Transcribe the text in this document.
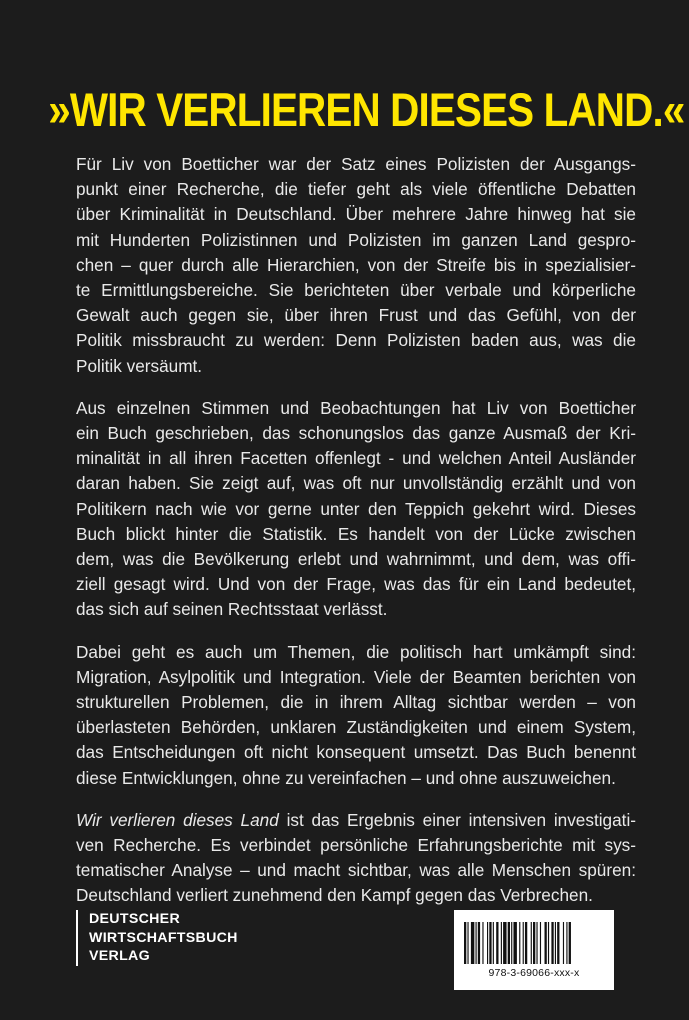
»WIR VERLIEREN DIESES LAND.«

Für Liv von Boetticher war der Satz eines Polizisten der Ausgangs-
punkt einer Recherche, die tiefer geht als viele öffentliche Debatten
über Kriminalität in Deutschland. Über mehrere Jahre hinweg hat sie
mit Hunderten Polizistinnen und Polizisten im ganzen Land gespro-
chen – quer durch alle Hierarchien, von der Streife bis in spezialisier-
te Ermittlungsbereiche. Sie berichteten über verbale und körperliche
Gewalt auch gegen sie, über ihren Frust und das Gefühl, von der
Politik missbraucht zu werden: Denn Polizisten baden aus, was die
Politik versäumt.

Aus einzelnen Stimmen und Beobachtungen hat Liv von Boetticher
ein Buch geschrieben, das schonungslos das ganze Ausmaß der Kri-
minalität in all ihren Facetten offenlegt - und welchen Anteil Ausländer
daran haben. Sie zeigt auf, was oft nur unvollständig erzählt und von
Politikern nach wie vor gerne unter den Teppich gekehrt wird. Dieses
Buch blickt hinter die Statistik. Es handelt von der Lücke zwischen
dem, was die Bevölkerung erlebt und wahrnimmt, und dem, was offi-
ziell gesagt wird. Und von der Frage, was das für ein Land bedeutet,
das sich auf seinen Rechtsstaat verlässt.

Dabei geht es auch um Themen, die politisch hart umkämpft sind:
Migration, Asylpolitik und Integration. Viele der Beamten berichten von
strukturellen Problemen, die in ihrem Alltag sichtbar werden – von
überlasteten Behörden, unklaren Zuständigkeiten und einem System,
das Entscheidungen oft nicht konsequent umsetzt. Das Buch benennt
diese Entwicklungen, ohne zu vereinfachen – und ohne auszuweichen.

Wir verlieren dieses Land ist das Ergebnis einer intensiven investigati-
ven Recherche. Es verbindet persönliche Erfahrungsberichte mit sys-
tematischer Analyse – und macht sichtbar, was alle Menschen spüren:
Deutschland verliert zunehmend den Kampf gegen das Verbrechen.

DEUTSCHER
WIRTSCHAFTSBUCH
VERLAG
978-3-69066-xxx-x
